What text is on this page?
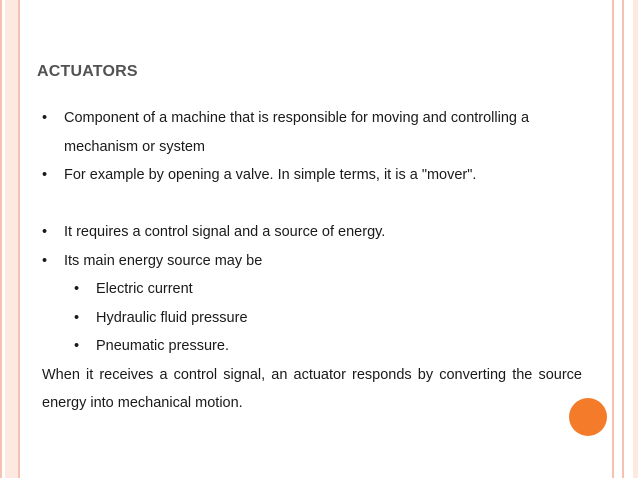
ACTUATORS
• Component of a machine that is responsible for moving and controlling a mechanism or system
• For example by opening a valve. In simple terms, it is a "mover".
• It requires a control signal and a source of energy.
• Its main energy source may be
• Electric current
• Hydraulic fluid pressure
• Pneumatic pressure.
When it receives a control signal, an actuator responds by converting the source energy into mechanical motion.
